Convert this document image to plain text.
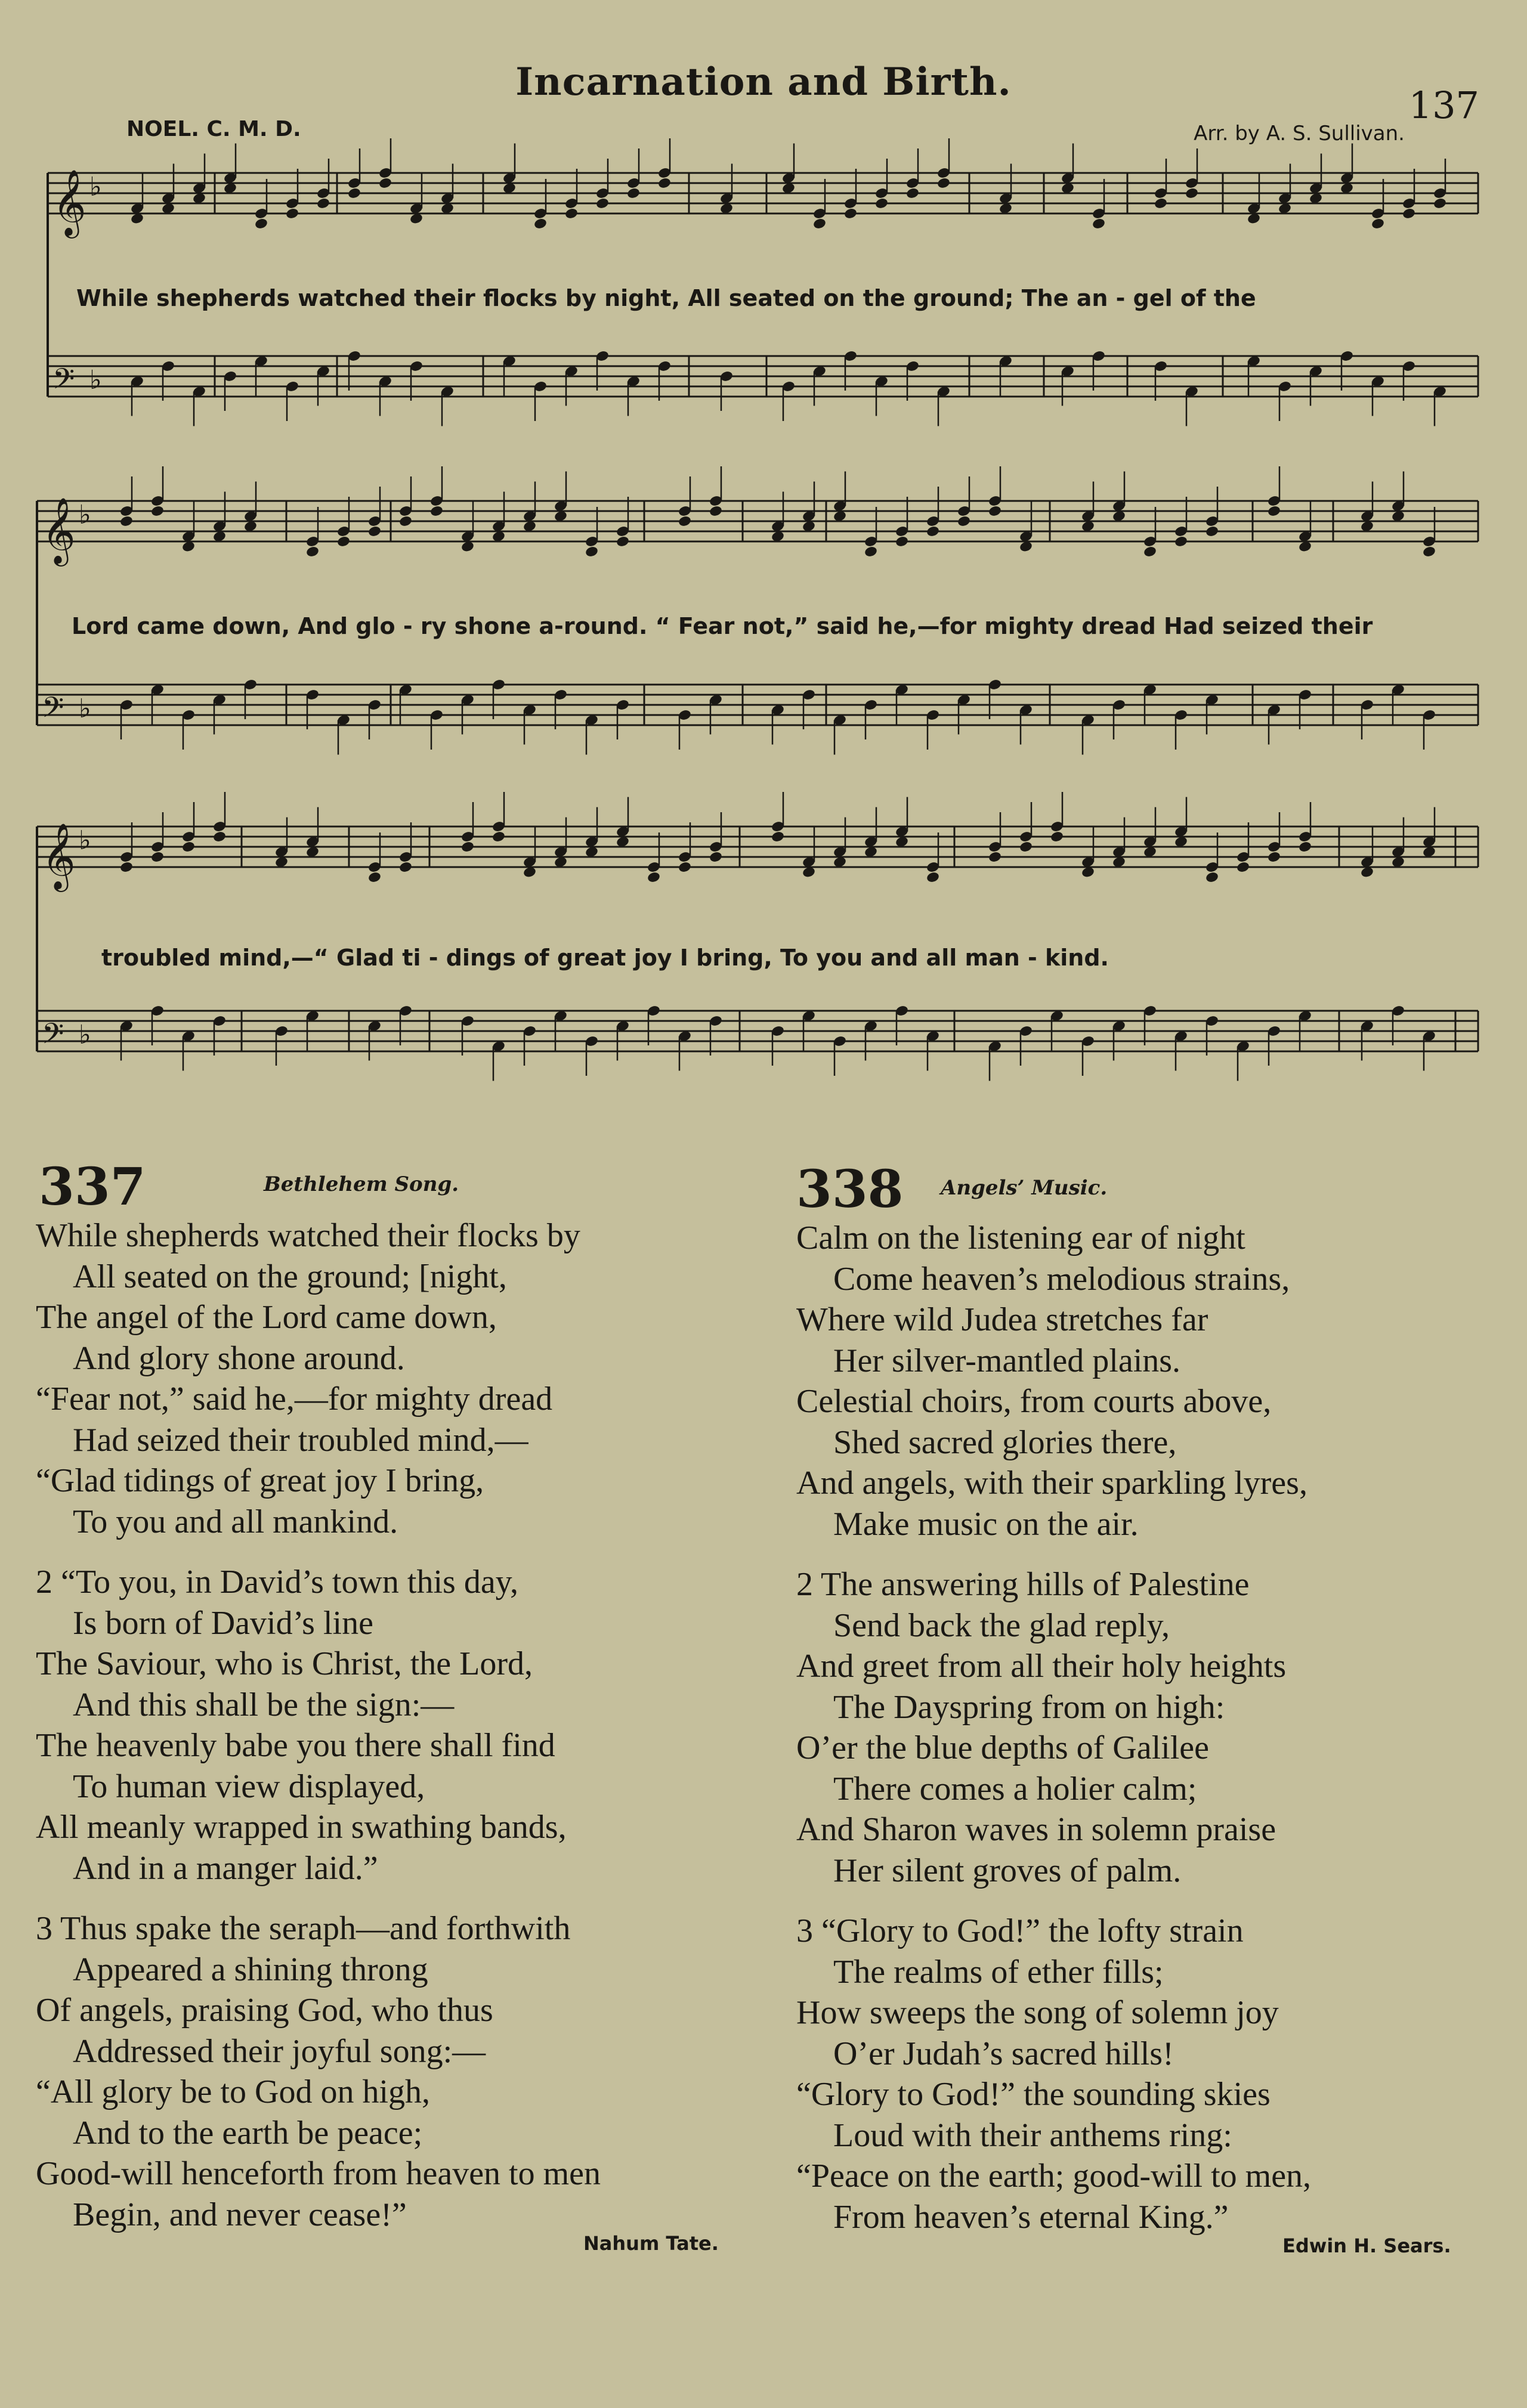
Incarnation and Birth.
137
NOEL. C. M. D.	Arr. by A. S. Sullivan.
𝄞 ♭
𝄢 ♭
𝄞 ♭
𝄢 ♭
𝄞 ♭
𝄢 ♭
While shepherds watched their flocks by night, All seated on the ground; The an - gel of the
Lord came down, And glo - ry shone a-round. “ Fear not,” said he,—for mighty dread Had seized their
troubled mind,—“ Glad ti - dings of great joy I bring, To you and all man - kind.
337	Bethlehem Song.
While shepherds watched their flocks by
All seated on the ground; [night,
The angel of the Lord came down,
And glory shone around.
“Fear not,” said he,—for mighty dread
Had seized their troubled mind,—
“Glad tidings of great joy I bring,
To you and all mankind.
2 “To you, in David’s town this day,
Is born of David’s line
The Saviour, who is Christ, the Lord,
And this shall be the sign:—
The heavenly babe you there shall find
To human view displayed,
All meanly wrapped in swathing bands,
And in a manger laid.”
3 Thus spake the seraph—and forthwith
Appeared a shining throng
Of angels, praising God, who thus
Addressed their joyful song:—
“All glory be to God on high,
And to the earth be peace;
Good-will henceforth from heaven to men
Begin, and never cease!”
Nahum Tate.
338 Angels’ Music.
Calm on the listening ear of night
Come heaven’s melodious strains,
Where wild Judea stretches far
Her silver-mantled plains.
Celestial choirs, from courts above,
Shed sacred glories there,
And angels, with their sparkling lyres,
Make music on the air.
2 The answering hills of Palestine
Send back the glad reply,
And greet from all their holy heights
The Dayspring from on high:
O’er the blue depths of Galilee
There comes a holier calm;
And Sharon waves in solemn praise
Her silent groves of palm.
3 “Glory to God!” the lofty strain
The realms of ether fills;
How sweeps the song of solemn joy
O’er Judah’s sacred hills!
“Glory to God!” the sounding skies
Loud with their anthems ring:
“Peace on the earth; good-will to men,
From heaven’s eternal King.”
Edwin H. Sears.
